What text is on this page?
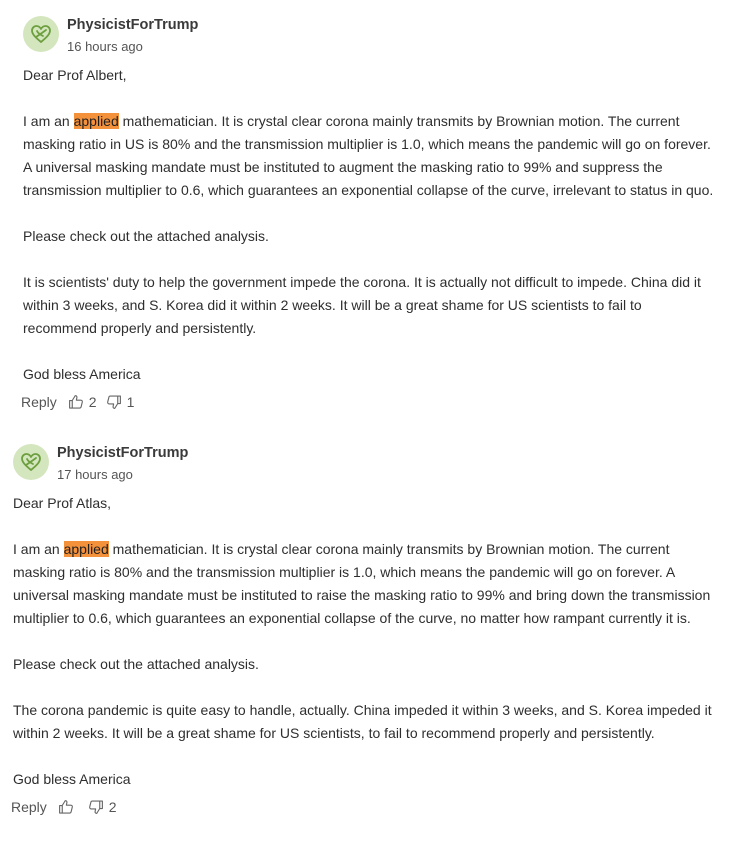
PhysicistForTrump
16 hours ago

Dear Prof Albert,

I am an applied mathematician. It is crystal clear corona mainly transmits by Brownian motion. The current masking ratio in US is 80% and the transmission multiplier is 1.0, which means the pandemic will go on forever. A universal masking mandate must be instituted to augment the masking ratio to 99% and suppress the transmission multiplier to 0.6, which guarantees an exponential collapse of the curve, irrelevant to status in quo.

Please check out the attached analysis.

It is scientists' duty to help the government impede the corona. It is actually not difficult to impede. China did it within 3 weeks, and S. Korea did it within 2 weeks. It will be a great shame for US scientists to fail to recommend properly and persistently.

God bless America

Reply 2 1
PhysicistForTrump
17 hours ago

Dear Prof Atlas,

I am an applied mathematician. It is crystal clear corona mainly transmits by Brownian motion. The current masking ratio is 80% and the transmission multiplier is 1.0, which means the pandemic will go on forever. A universal masking mandate must be instituted to raise the masking ratio to 99% and bring down the transmission multiplier to 0.6, which guarantees an exponential collapse of the curve, no matter how rampant currently it is.

Please check out the attached analysis.

The corona pandemic is quite easy to handle, actually. China impeded it within 3 weeks, and S. Korea impeded it within 2 weeks. It will be a great shame for US scientists, to fail to recommend properly and persistently.

God bless America

Reply	2
